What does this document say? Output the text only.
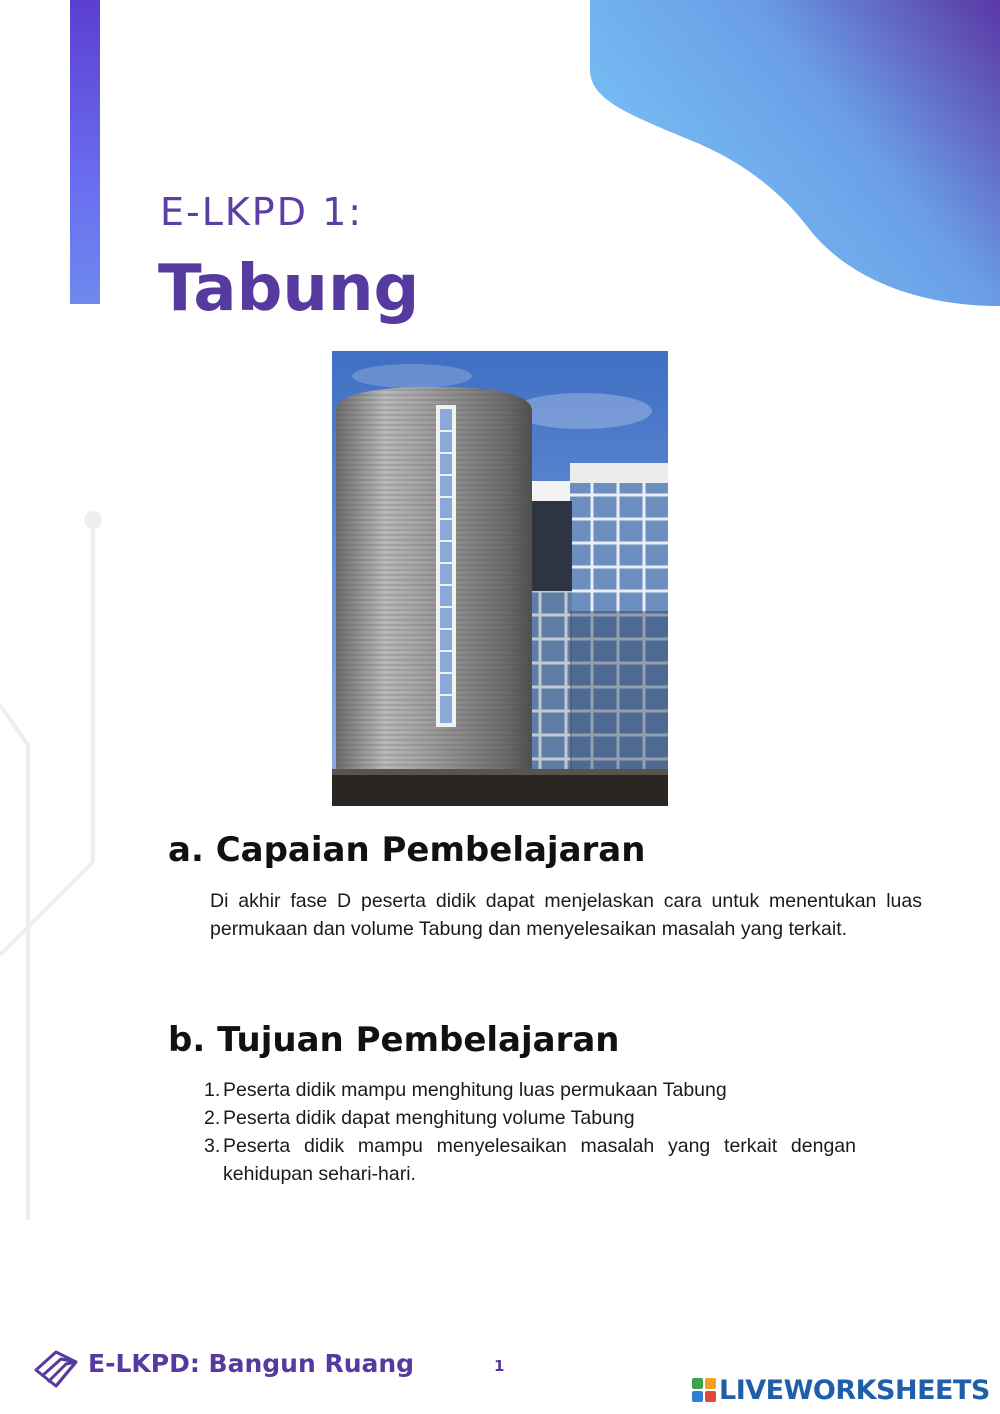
E-LKPD 1:
Tabung
a. Capaian Pembelajaran

Di akhir fase D peserta didik dapat menjelaskan cara untuk menentukan luas permukaan dan volume Tabung dan menyelesaikan masalah yang terkait.

b. Tujuan Pembelajaran
1. Peserta didik mampu menghitung luas permukaan Tabung
2. Peserta didik dapat menghitung volume Tabung
3. Peserta didik mampu menyelesaikan masalah yang terkait dengan kehidupan sehari-hari.
E-LKPD: Bangun Ruang	1
LIVEWORKSHEETS
